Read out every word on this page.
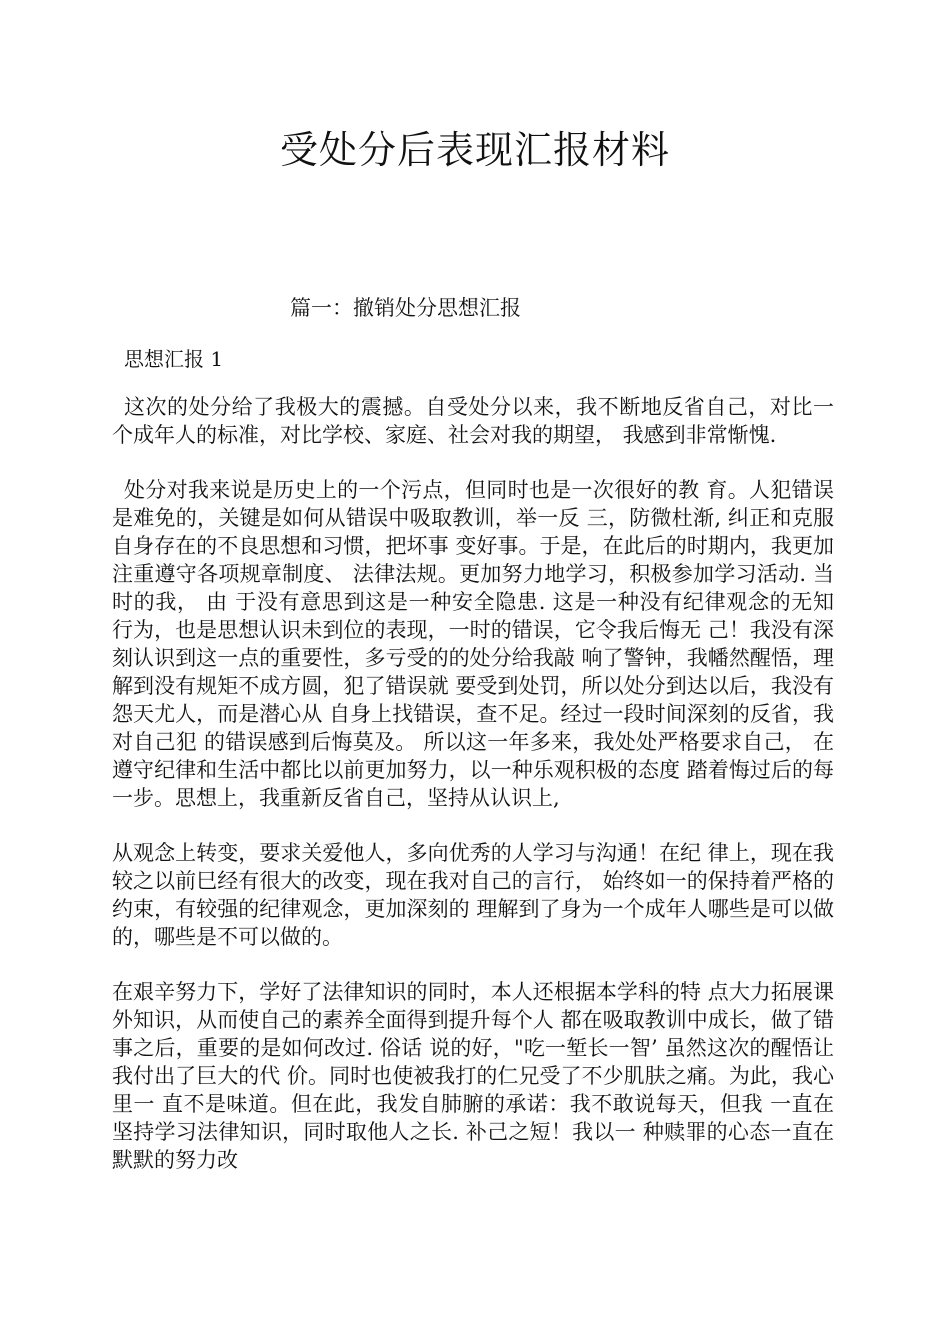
受处分后表现汇报材料
篇一：撤销处分思想汇报
思想汇报 1

这次的处分给了我极大的震撼。自受处分以来，我不断地反省自己，对比一个成年人的标准，对比学校、家庭、社会对我的期望， 我感到非常惭愧.

处分对我来说是历史上的一个污点，但同时也是一次很好的教 育。人犯错误是难免的，关键是如何从错误中吸取教训，举一反 三，防微杜渐, 纠正和克服自身存在的不良思想和习惯，把坏事 变好事。于是，在此后的时期内，我更加注重遵守各项规章制度、 法律法规。更加努力地学习，积极参加学习活动. 当时的我， 由 于没有意思到这是一种安全隐患. 这是一种没有纪律观念的无知 行为，也是思想认识未到位的表现，一时的错误，它令我后悔无 己！我没有深刻认识到这一点的重要性，多亏受的的处分给我敲 响了警钟，我幡然醒悟，理解到没有规矩不成方圆，犯了错误就 要受到处罚，所以处分到达以后，我没有怨天尤人，而是潜心从 自身上找错误，查不足。经过一段时间深刻的反省，我对自己犯 的错误感到后悔莫及。 所以这一年多来，我处处严格要求自己， 在遵守纪律和生活中都比以前更加努力，以一种乐观积极的态度 踏着悔过后的每一步。思想上，我重新反省自己，坚持从认识上,

从观念上转变，要求关爱他人，多向优秀的人学习与沟通！在纪 律上，现在我较之以前巳经有很大的改变，现在我对自己的言行， 始终如一的保持着严格的约束，有较强的纪律观念，更加深刻的 理解到了身为一个成年人哪些是可以做的，哪些是不可以做的。

在艰辛努力下，学好了法律知识的同时，本人还根据本学科的特 点大力拓展课外知识，从而使自己的素养全面得到提升每个人 都在吸取教训中成长，做了错事之后，重要的是如何改过. 俗话 说的好，"吃一堑长一智’ 虽然这次的醒悟让我付出了巨大的代 价。同时也使被我打的仁兄受了不少肌肤之痛。为此，我心里一 直不是味道。但在此，我发自肺腑的承诺：我不敢说每天，但我 一直在坚持学习法律知识，同时取他人之长. 补己之短！我以一 种赎罪的心态一直在默默的努力改
